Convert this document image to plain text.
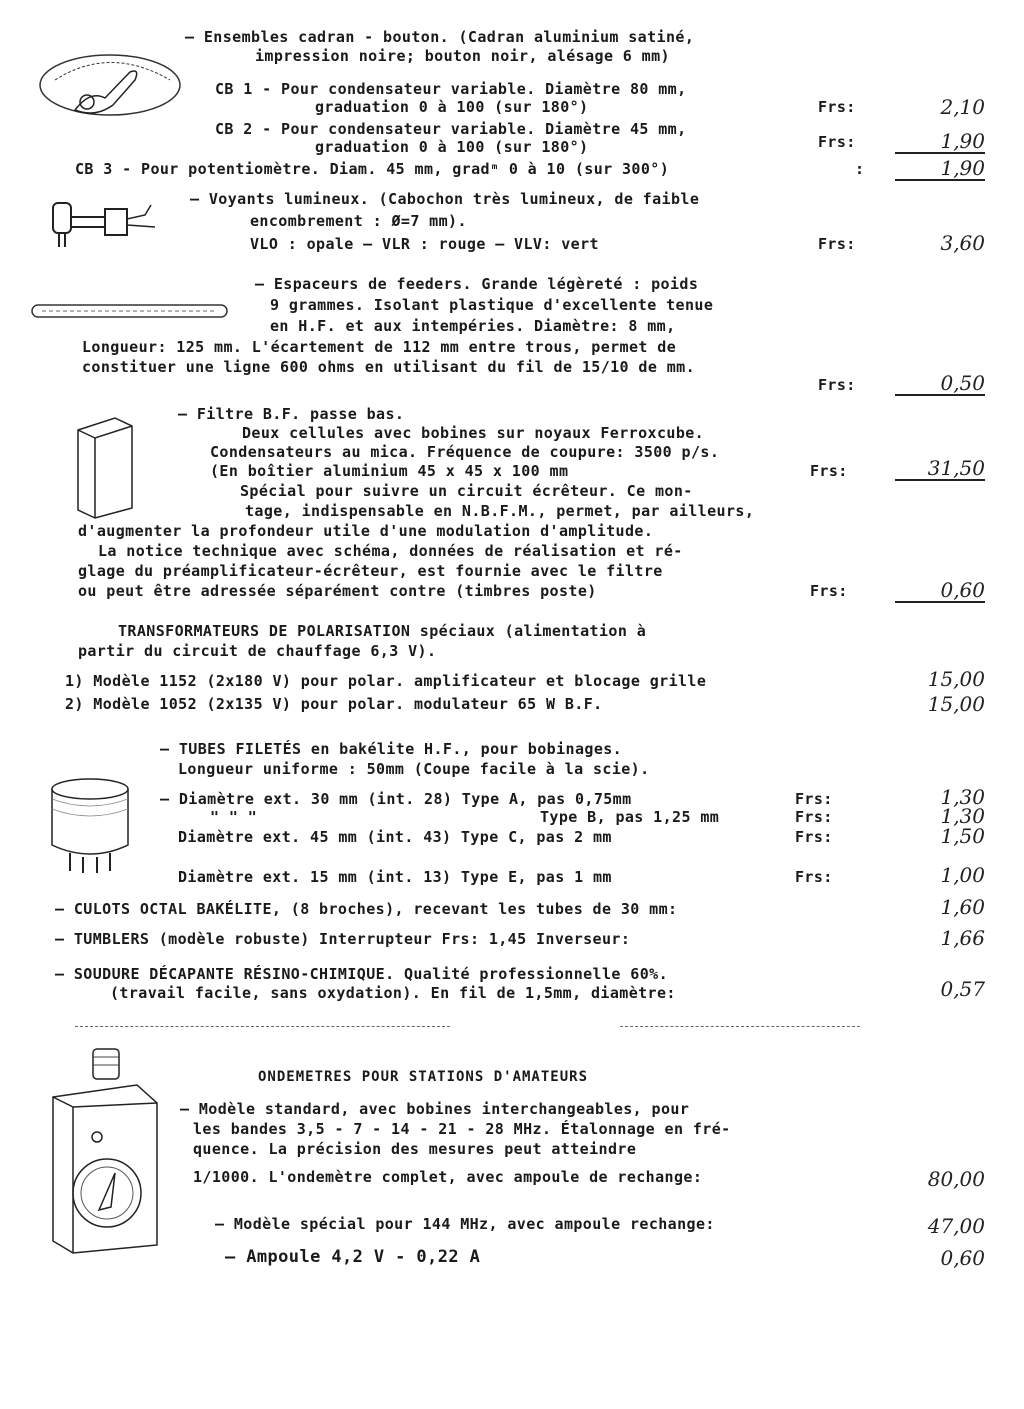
— Ensembles cadran - bouton. (Cadran aluminium satiné,
impression noire; bouton noir, alésage 6 mm)
CB 1 - Pour condensateur variable. Diamètre 80 mm,
graduation 0 à 100 (sur 180°)	Frs:	2,10
CB 2 - Pour condensateur variable. Diamètre 45 mm,
graduation 0 à 100 (sur 180°)	Frs:	1,90
CB 3 - Pour potentiomètre. Diam. 45 mm, gradᵐ 0 à 10 (sur 300°)	:	1,90
— Voyants lumineux. (Cabochon très lumineux, de faible
encombrement : Ø=7 mm).
VLO : opale — VLR : rouge — VLV: vert	Frs:	3,60
— Espaceurs de feeders. Grande légèreté : poids
9 grammes. Isolant plastique d'excellente tenue
en H.F. et aux intempéries. Diamètre: 8 mm,
Longueur: 125 mm. L'écartement de 112 mm entre trous, permet de
constituer une ligne 600 ohms en utilisant du fil de 15/10 de mm.
Frs:	0,50
— Filtre B.F. passe bas.
Deux cellules avec bobines sur noyaux Ferroxcube.
Condensateurs au mica. Fréquence de coupure: 3500 p/s.
(En boîtier aluminium 45 x 45 x 100 mm	Frs:	31,50
Spécial pour suivre un circuit écrêteur. Ce mon-
tage, indispensable en N.B.F.M., permet, par ailleurs,
d'augmenter la profondeur utile d'une modulation d'amplitude.
La notice technique avec schéma, données de réalisation et ré-
glage du préamplificateur-écrêteur, est fournie avec le filtre
ou peut être adressée séparément contre (timbres poste)	Frs:	0,60
TRANSFORMATEURS DE POLARISATION spéciaux (alimentation à
partir du circuit de chauffage 6,3 V).
1) Modèle 1152 (2x180 V) pour polar. amplificateur et blocage grille	15,00
2) Modèle 1052 (2x135 V) pour polar. modulateur 65 W B.F.	15,00
— TUBES FILETÉS en bakélite H.F., pour bobinages.
Longueur uniforme : 50mm (Coupe facile à la scie).
— Diamètre ext. 30 mm (int. 28) Type A, pas 0,75mm	Frs:	1,30
" " "	Type B, pas 1,25 mm	Frs:	1,30
Diamètre ext. 45 mm (int. 43) Type C, pas 2 mm	Frs:	1,50
Diamètre ext. 15 mm (int. 13) Type E, pas 1 mm	Frs:	1,00
— CULOTS OCTAL BAKÉLITE, (8 broches), recevant les tubes de 30 mm:	1,60
— TUMBLERS (modèle robuste) Interrupteur Frs: 1,45 Inverseur:	1,66
— SOUDURE DÉCAPANTE RÉSINO-CHIMIQUE. Qualité professionnelle 60%.
(travail facile, sans oxydation). En fil de 1,5mm, diamètre:	0,57
ONDEMETRES POUR STATIONS D'AMATEURS
— Modèle standard, avec bobines interchangeables, pour
les bandes 3,5 - 7 - 14 - 21 - 28 MHz. Étalonnage en fré-
quence. La précision des mesures peut atteindre
1/1000. L'ondemètre complet, avec ampoule de rechange:	80,00
— Modèle spécial pour 144 MHz, avec ampoule rechange:	47,00
— Ampoule 4,2 V - 0,22 A	0,60
